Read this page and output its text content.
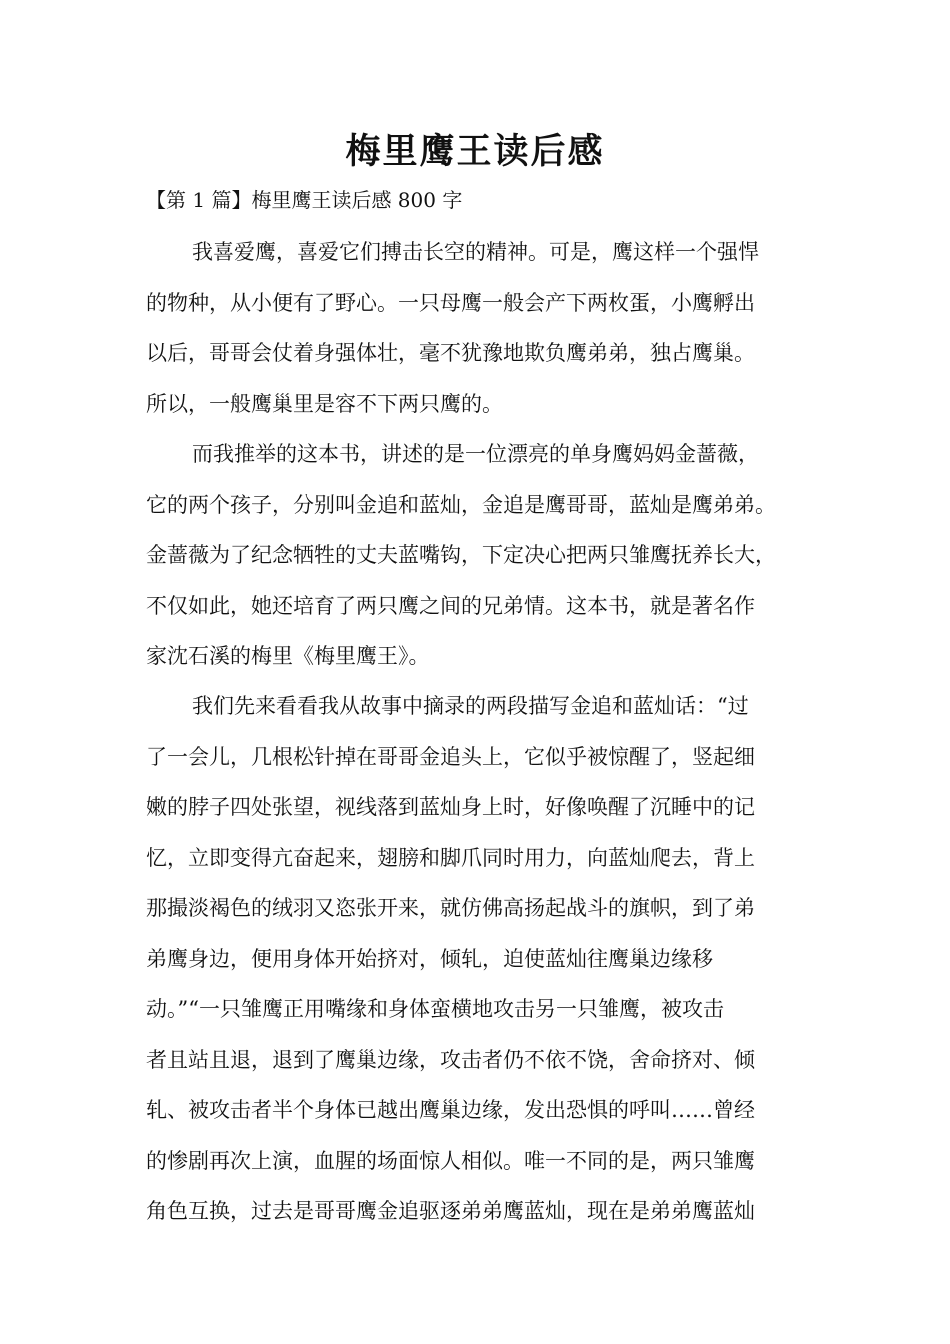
梅里鹰王读后感
【第 1 篇】梅里鹰王读后感 800 字
我喜爱鹰，喜爱它们搏击长空的精神。可是，鹰这样一个强悍
的物种，从小便有了野心。一只母鹰一般会产下两枚蛋，小鹰孵出
以后，哥哥会仗着身强体壮，毫不犹豫地欺负鹰弟弟，独占鹰巢。
所以，一般鹰巢里是容不下两只鹰的。
而我推举的这本书，讲述的是一位漂亮的单身鹰妈妈金蔷薇，
它的两个孩子，分别叫金追和蓝灿，金追是鹰哥哥，蓝灿是鹰弟弟。
金蔷薇为了纪念牺牲的丈夫蓝嘴钩，下定决心把两只雏鹰抚养长大，
不仅如此，她还培育了两只鹰之间的兄弟情。这本书，就是著名作
家沈石溪的梅里《梅里鹰王》。
我们先来看看我从故事中摘录的两段描写金追和蓝灿话：“过
了一会儿，几根松针掉在哥哥金追头上，它似乎被惊醒了，竖起细
嫩的脖子四处张望，视线落到蓝灿身上时，好像唤醒了沉睡中的记
忆，立即变得亢奋起来，翅膀和脚爪同时用力，向蓝灿爬去，背上
那撮淡褐色的绒羽又恣张开来，就仿佛高扬起战斗的旗帜，到了弟
弟鹰身边，便用身体开始挤对，倾轧，迫使蓝灿往鹰巢边缘移
动。”“一只雏鹰正用嘴缘和身体蛮横地攻击另一只雏鹰，被攻击
者且站且退，退到了鹰巢边缘，攻击者仍不依不饶，舍命挤对、倾
轧、被攻击者半个身体已越出鹰巢边缘，发出恐惧的呼叫……曾经
的惨剧再次上演，血腥的场面惊人相似。唯一不同的是，两只雏鹰
角色互换，过去是哥哥鹰金追驱逐弟弟鹰蓝灿，现在是弟弟鹰蓝灿
